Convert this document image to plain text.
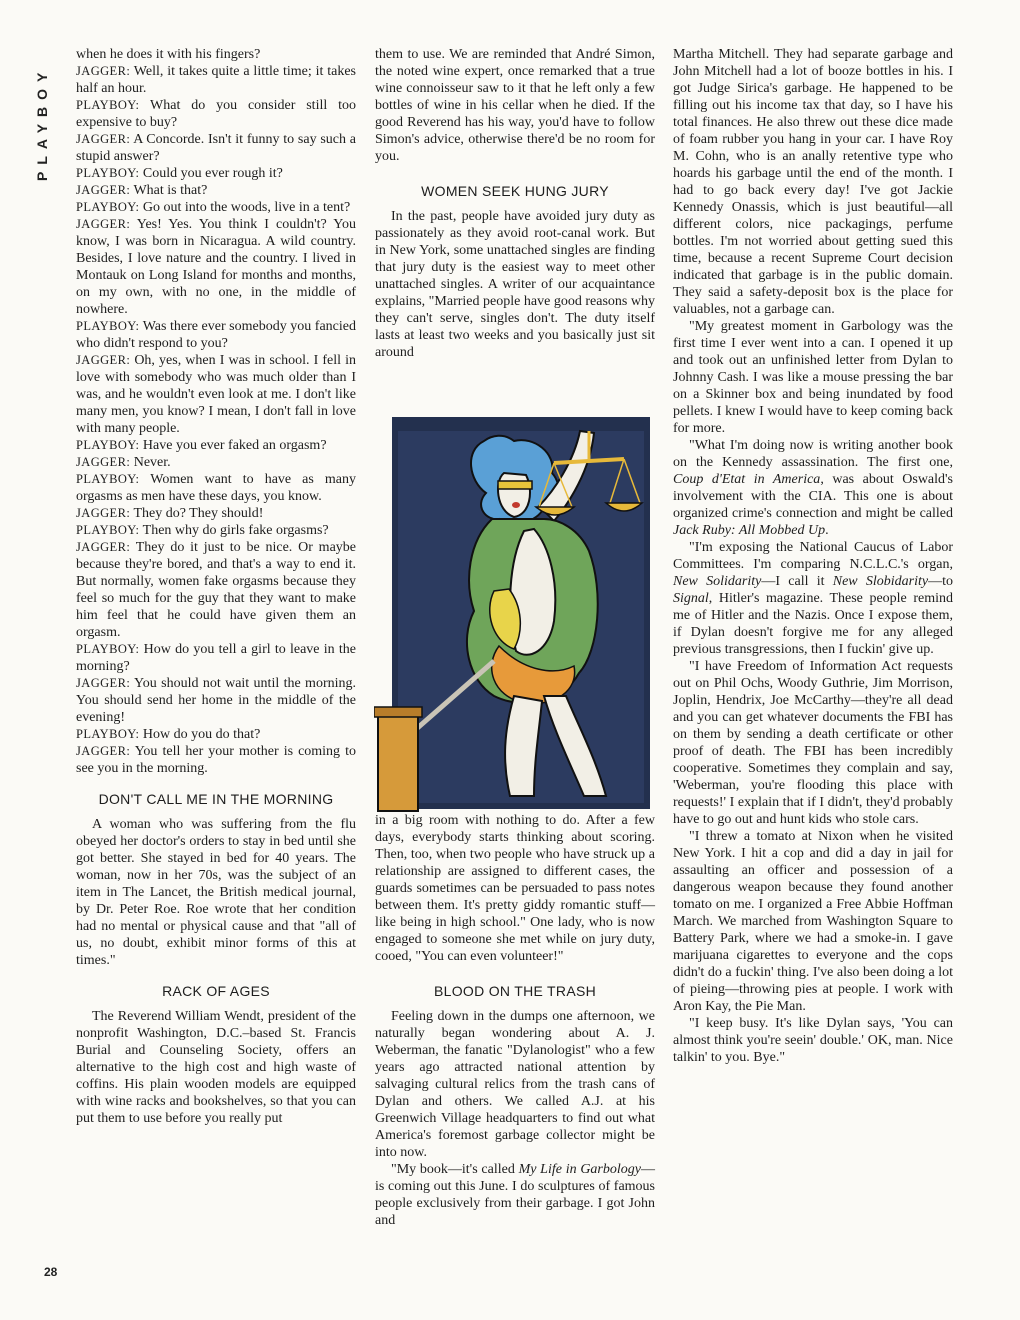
PLAYBOY
28

when he does it with his fingers?

JAGGER: Well, it takes quite a little time; it takes half an hour.

PLAYBOY: What do you consider still too expensive to buy?

JAGGER: A Concorde. Isn't it funny to say such a stupid answer?

PLAYBOY: Could you ever rough it?

JAGGER: What is that?

PLAYBOY: Go out into the woods, live in a tent?

JAGGER: Yes! Yes. You think I couldn't? You know, I was born in Nicaragua. A wild country. Besides, I love nature and the country. I lived in Montauk on Long Island for months and months, on my own, with no one, in the middle of nowhere.

PLAYBOY: Was there ever somebody you fancied who didn't respond to you?

JAGGER: Oh, yes, when I was in school. I fell in love with somebody who was much older than I was, and he wouldn't even look at me. I don't like many men, you know? I mean, I don't fall in love with many people.

PLAYBOY: Have you ever faked an orgasm?

JAGGER: Never.

PLAYBOY: Women want to have as many orgasms as men have these days, you know.

JAGGER: They do? They should!

PLAYBOY: Then why do girls fake orgasms?

JAGGER: They do it just to be nice. Or maybe because they're bored, and that's a way to end it. But normally, women fake orgasms because they feel so much for the guy that they want to make him feel that he could have given them an orgasm.

PLAYBOY: How do you tell a girl to leave in the morning?

JAGGER: You should not wait until the morning. You should send her home in the middle of the evening!

PLAYBOY: How do you do that?

JAGGER: You tell her your mother is coming to see you in the morning.

DON'T CALL ME IN THE MORNING

A woman who was suffering from the flu obeyed her doctor's orders to stay in bed until she got better. She stayed in bed for 40 years. The woman, now in her 70s, was the subject of an item in The Lancet, the British medical journal, by Dr. Peter Roe. Roe wrote that her condition had no mental or physical cause and that "all of us, no doubt, exhibit minor forms of this at times."

RACK OF AGES

The Reverend William Wendt, president of the nonprofit Washington, D.C.–based St. Francis Burial and Counseling Society, offers an alternative to the high cost and high waste of coffins. His plain wooden models are equipped with wine racks and bookshelves, so that you can put them to use before you really put

them to use. We are reminded that André Simon, the noted wine expert, once remarked that a true wine connoisseur saw to it that he left only a few bottles of wine in his cellar when he died. If the good Reverend has his way, you'd have to follow Simon's advice, otherwise there'd be no room for you.

WOMEN SEEK HUNG JURY

In the past, people have avoided jury duty as passionately as they avoid root-canal work. But in New York, some unattached singles are finding that jury duty is the easiest way to meet other unattached singles. A writer of our acquaintance explains, "Married people have good reasons why they can't serve, singles don't. The duty itself lasts at least two weeks and you basically just sit around

in a big room with nothing to do. After a few days, everybody starts thinking about scoring. Then, too, when two people who have struck up a relationship are assigned to different cases, the guards sometimes can be persuaded to pass notes between them. It's pretty giddy romantic stuff—like being in high school." One lady, who is now engaged to someone she met while on jury duty, cooed, "You can even volunteer!"

BLOOD ON THE TRASH

Feeling down in the dumps one afternoon, we naturally began wondering about A. J. Weberman, the fanatic "Dylanologist" who a few years ago attracted national attention by salvaging cultural relics from the trash cans of Dylan and others. We called A.J. at his Greenwich Village headquarters to find out what America's foremost garbage collector might be into now.

"My book—it's called My Life in Garbology—is coming out this June. I do sculptures of famous people exclusively from their garbage. I got John and

Martha Mitchell. They had separate garbage and John Mitchell had a lot of booze bottles in his. I got Judge Sirica's garbage. He happened to be filling out his income tax that day, so I have his total finances. He also threw out these dice made of foam rubber you hang in your car. I have Roy M. Cohn, who is an anally retentive type who hoards his garbage until the end of the month. I had to go back every day! I've got Jackie Kennedy Onassis, which is just beautiful—all different colors, nice packagings, perfume bottles. I'm not worried about getting sued this time, because a recent Supreme Court decision indicated that garbage is in the public domain. They said a safety-deposit box is the place for valuables, not a garbage can.

"My greatest moment in Garbology was the first time I ever went into a can. I opened it up and took out an unfinished letter from Dylan to Johnny Cash. I was like a mouse pressing the bar on a Skinner box and being inundated by food pellets. I knew I would have to keep coming back for more.

"What I'm doing now is writing another book on the Kennedy assassination. The first one, Coup d'Etat in America, was about Oswald's involvement with the CIA. This one is about organized crime's connection and might be called Jack Ruby: All Mobbed Up.

"I'm exposing the National Caucus of Labor Committees. I'm comparing N.C.L.C.'s organ, New Solidarity—I call it New Slobidarity—to Signal, Hitler's magazine. These people remind me of Hitler and the Nazis. Once I expose them, if Dylan doesn't forgive me for any alleged previous transgressions, then I fuckin' give up.

"I have Freedom of Information Act requests out on Phil Ochs, Woody Guthrie, Jim Morrison, Joplin, Hendrix, Joe McCarthy—they're all dead and you can get whatever documents the FBI has on them by sending a death certificate or other proof of death. The FBI has been incredibly cooperative. Sometimes they complain and say, 'Weberman, you're flooding this place with requests!' I explain that if I didn't, they'd probably have to go out and hunt kids who stole cars.

"I threw a tomato at Nixon when he visited New York. I hit a cop and did a day in jail for assaulting an officer and possession of a dangerous weapon because they found another tomato on me. I organized a Free Abbie Hoffman March. We marched from Washington Square to Battery Park, where we had a smoke-in. I gave marijuana cigarettes to everyone and the cops didn't do a fuckin' thing. I've also been doing a lot of pieing—throwing pies at people. I work with Aron Kay, the Pie Man.

"I keep busy. It's like Dylan says, 'You can almost think you're seein' double.' OK, man. Nice talkin' to you. Bye."
